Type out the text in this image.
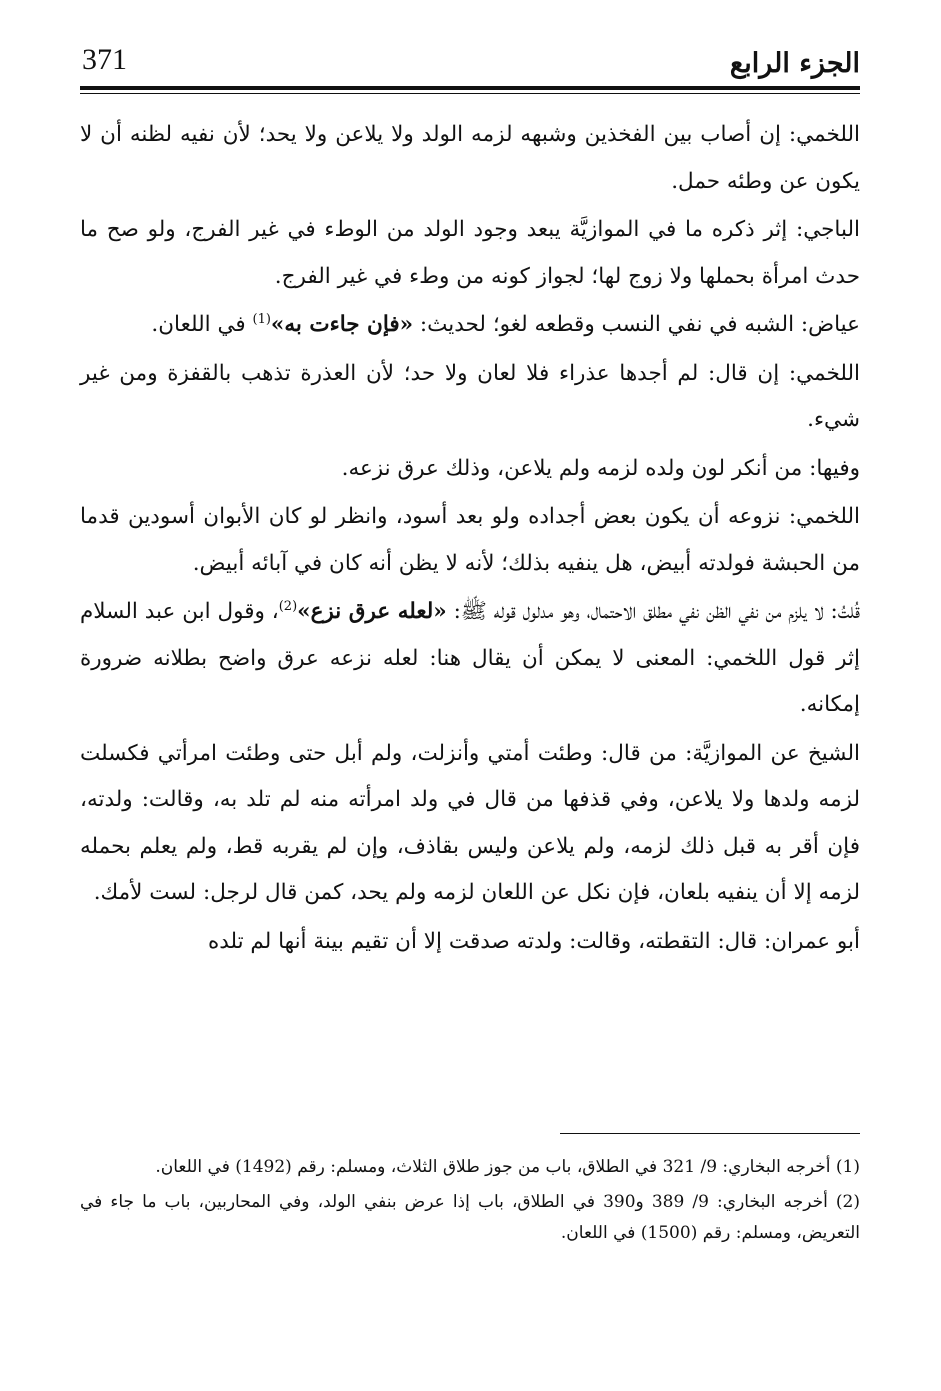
371	الجزء الرابع

اللخمي: إن أصاب بين الفخذين وشبهه لزمه الولد ولا يلاعن ولا يحد؛ لأن نفيه لظنه أن لا يكون عن وطئه حمل.

الباجي: إثر ذكره ما في الموازيَّة يبعد وجود الولد من الوطء في غير الفرج، ولو صح ما حدث امرأة بحملها ولا زوج لها؛ لجواز كونه من وطء في غير الفرج.

عياض: الشبه في نفي النسب وقطعه لغو؛ لحديث: «فإن جاءت به»$^{(1)}$ في اللعان.

اللخمي: إن قال: لم أجدها عذراء فلا لعان ولا حد؛ لأن العذرة تذهب بالقفزة ومن غير شيء.

وفيها: من أنكر لون ولده لزمه ولم يلاعن، وذلك عرق نزعه.

اللخمي: نزوعه أن يكون بعض أجداده ولو بعد أسود، وانظر لو كان الأبوان أسودين قدما من الحبشة فولدته أبيض، هل ينفيه بذلك؛ لأنه لا يظن أنه كان في آبائه أبيض.

قُلتُ: لا يلزم من نفي الظن نفي مطلق الاحتمال، وهو مدلول قوله ﷺ: «لعله عرق نزع»$^{(2)}$، وقول ابن عبد السلام إثر قول اللخمي: المعنى لا يمكن أن يقال هنا: لعله نزعه عرق واضح بطلانه ضرورة إمكانه.

الشيخ عن الموازيَّة: من قال: وطئت أمتي وأنزلت، ولم أبل حتى وطئت امرأتي فكسلت لزمه ولدها ولا يلاعن، وفي قذفها من قال في ولد امرأته منه لم تلد به، وقالت: ولدته، فإن أقر به قبل ذلك لزمه، ولم يلاعن وليس بقاذف، وإن لم يقربه قط، ولم يعلم بحمله لزمه إلا أن ينفيه بلعان، فإن نكل عن اللعان لزمه ولم يحد، كمن قال لرجل: لست لأمك.

أبو عمران: قال: التقطته، وقالت: ولدته صدقت إلا أن تقيم بينة أنها لم تلده

(1) أخرجه البخاري: 9/ 321 في الطلاق، باب من جوز طلاق الثلاث، ومسلم: رقم (1492) في اللعان.

(2) أخرجه البخاري: 9/ 389 و390 في الطلاق، باب إذا عرض بنفي الولد، وفي المحاربين، باب ما جاء في التعريض، ومسلم: رقم (1500) في اللعان.
